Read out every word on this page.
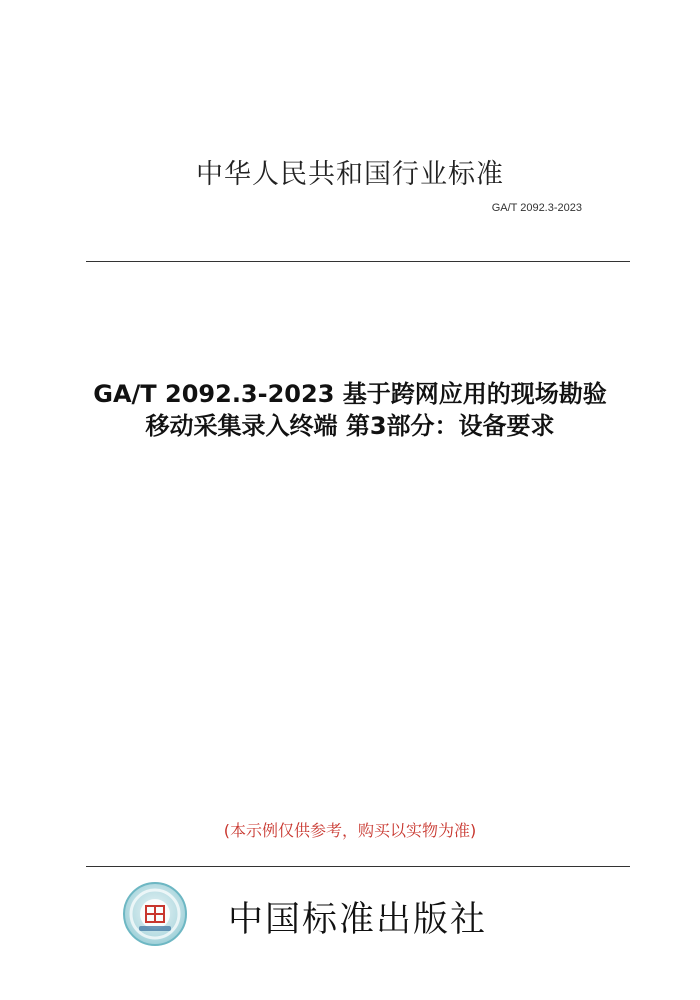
中华人民共和国行业标准
GA/T 2092.3-2023
GA/T 2092.3-2023 基于跨网应用的现场勘验
移动采集录入终端 第3部分：设备要求
(本示例仅供参考，购买以实物为准)
中国标准出版社
